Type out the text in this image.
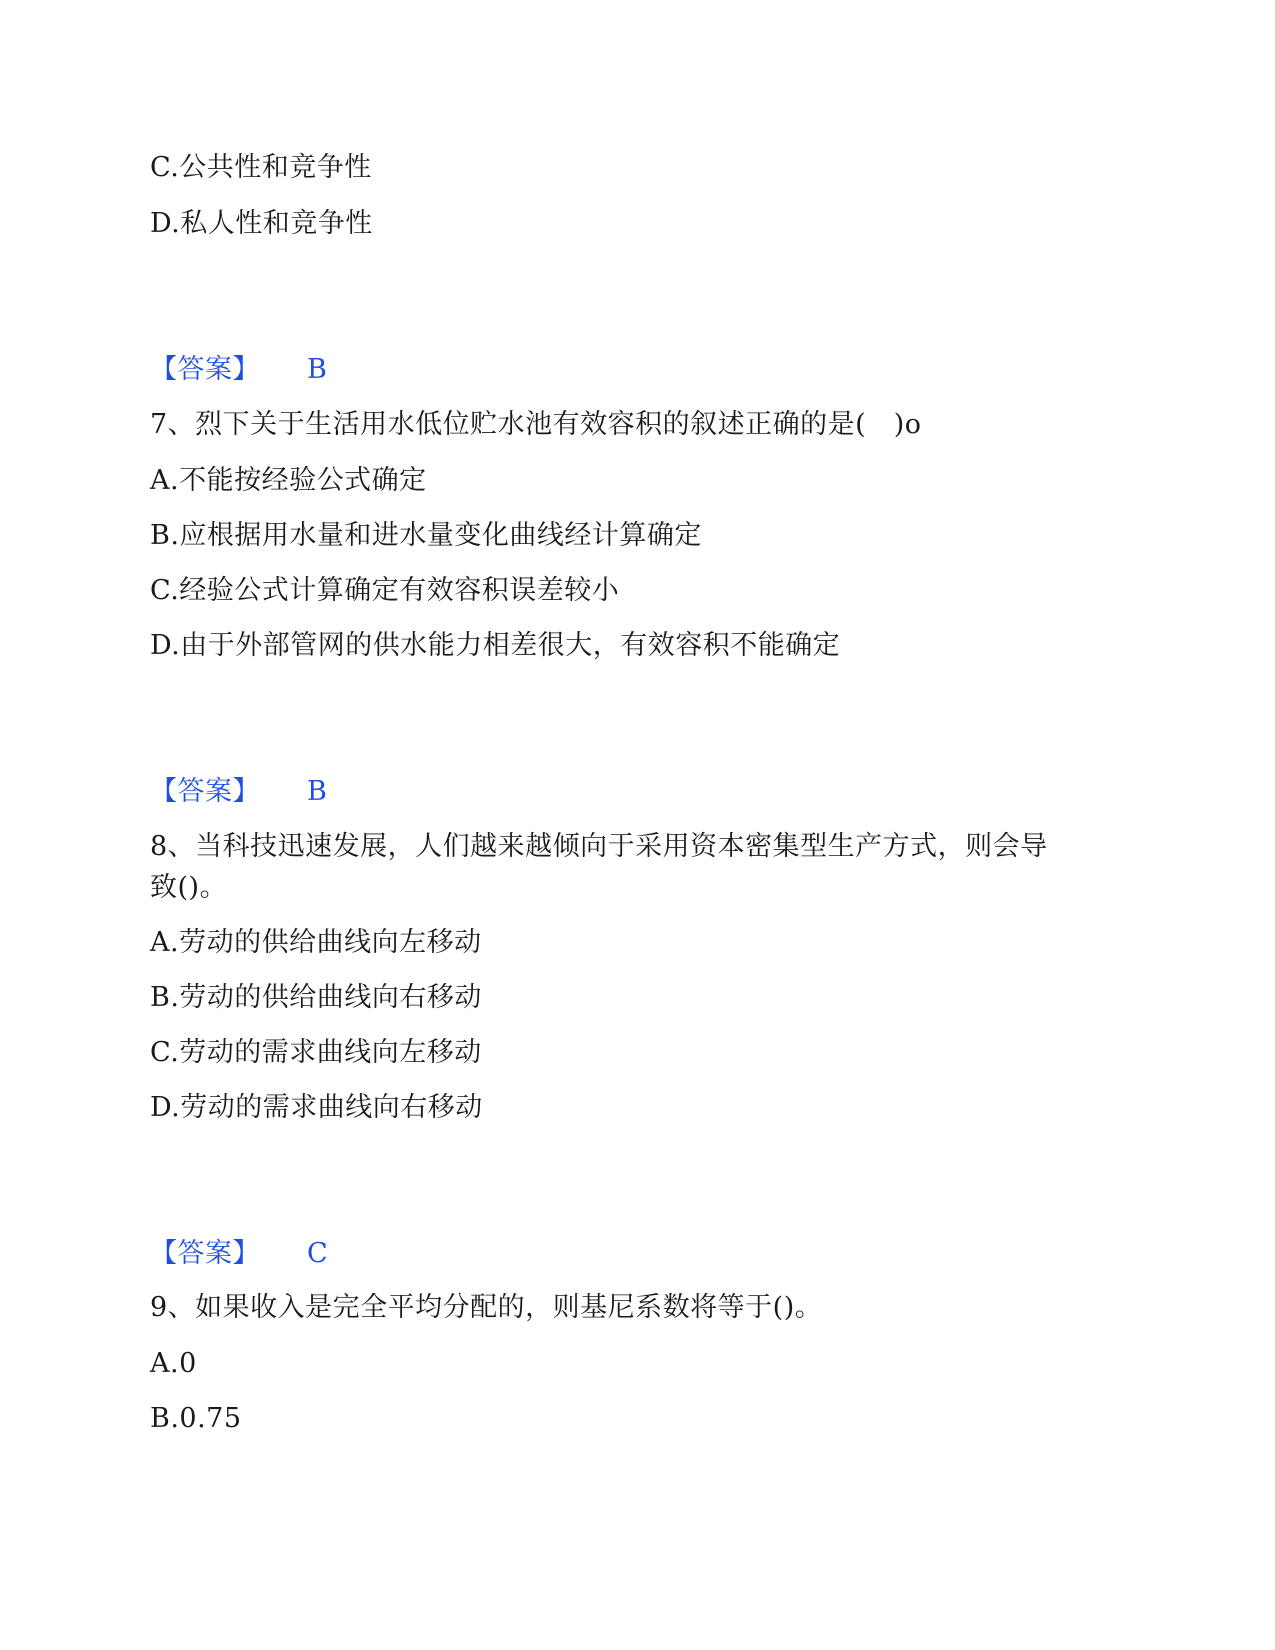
C.公共性和竞争性
D.私人性和竞争性
【答案】 B
7、烈下关于生活用水低位贮水池有效容积的叙述正确的是(　)o
A.不能按经验公式确定
B.应根据用水量和进水量变化曲线经计算确定
C.经验公式计算确定有效容积误差较小
D.由于外部管网的供水能力相差很大，有效容积不能确定
【答案】 B
8、当科技迅速发展，人们越来越倾向于采用资本密集型生产方式，则会导
致()。
A.劳动的供给曲线向左移动
B.劳动的供给曲线向右移动
C.劳动的需求曲线向左移动
D.劳动的需求曲线向右移动
【答案】 C
9、如果收入是完全平均分配的，则基尼系数将等于()。
A.0
B.0.75
